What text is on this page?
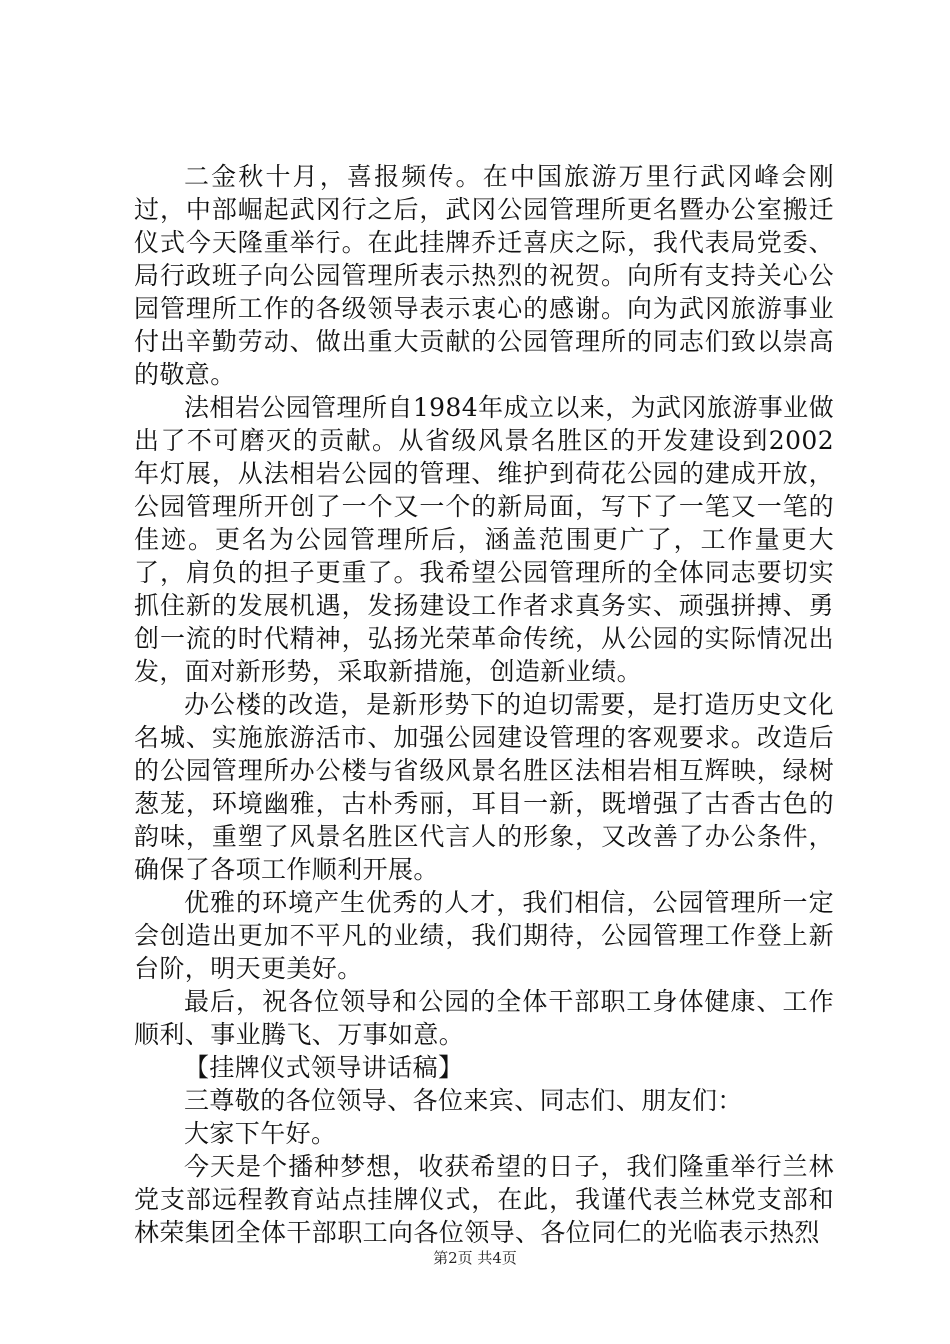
二金秋十月，喜报频传。在中国旅游万里行武冈峰会刚过，中部崛起武冈行之后，武冈公园管理所更名暨办公室搬迁仪式今天隆重举行。在此挂牌乔迁喜庆之际，我代表局党委、局行政班子向公园管理所表示热烈的祝贺。向所有支持关心公园管理所工作的各级领导表示衷心的感谢。向为武冈旅游事业付出辛勤劳动、做出重大贡献的公园管理所的同志们致以崇高的敬意。

法相岩公园管理所自1984年成立以来，为武冈旅游事业做出了不可磨灭的贡献。从省级风景名胜区的开发建设到2002年灯展，从法相岩公园的管理、维护到荷花公园的建成开放，公园管理所开创了一个又一个的新局面，写下了一笔又一笔的佳迹。更名为公园管理所后，涵盖范围更广了，工作量更大了，肩负的担子更重了。我希望公园管理所的全体同志要切实抓住新的发展机遇，发扬建设工作者求真务实、顽强拼搏、勇创一流的时代精神，弘扬光荣革命传统，从公园的实际情况出发，面对新形势，采取新措施，创造新业绩。

办公楼的改造，是新形势下的迫切需要，是打造历史文化名城、实施旅游活市、加强公园建设管理的客观要求。改造后的公园管理所办公楼与省级风景名胜区法相岩相互辉映，绿树葱茏，环境幽雅，古朴秀丽，耳目一新，既增强了古香古色的韵味，重塑了风景名胜区代言人的形象，又改善了办公条件，确保了各项工作顺利开展。

优雅的环境产生优秀的人才，我们相信，公园管理所一定会创造出更加不平凡的业绩，我们期待，公园管理工作登上新台阶，明天更美好。

最后，祝各位领导和公园的全体干部职工身体健康、工作顺利、事业腾飞、万事如意。

【挂牌仪式领导讲话稿】

三尊敬的各位领导、各位来宾、同志们、朋友们：

大家下午好。

今天是个播种梦想，收获希望的日子，我们隆重举行兰林党支部远程教育站点挂牌仪式，在此，我谨代表兰林党支部和林荣集团全体干部职工向各位领导、各位同仁的光临表示热烈

第2页 共4页
